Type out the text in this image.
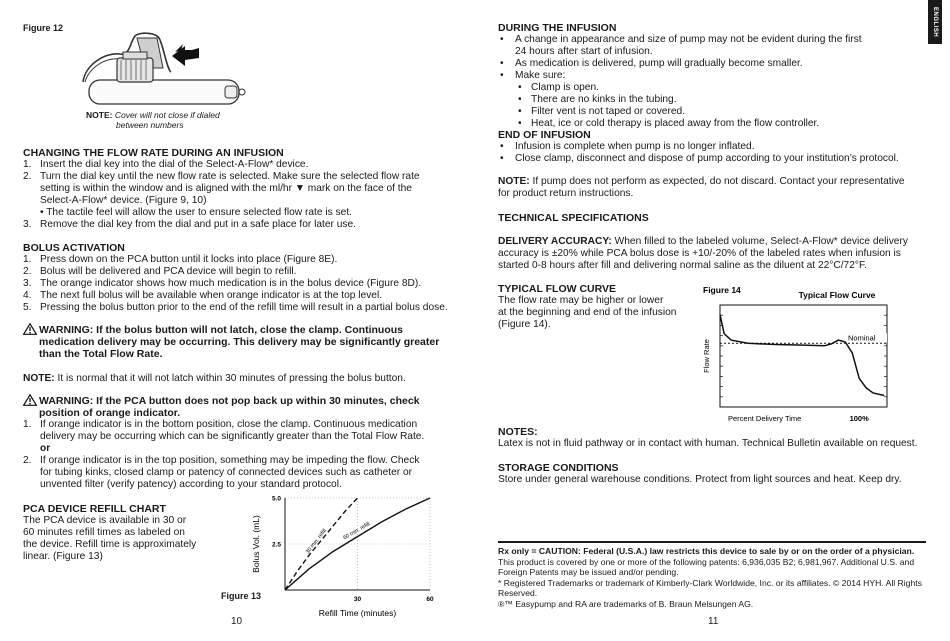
Figure 12
NOTE: Cover will not close if dialed
between numbers
CHANGING THE FLOW RATE DURING AN INFUSION
1. Insert the dial key into the dial of the Select-A-Flow* device.
2. Turn the dial key until the new flow rate is selected. Make sure the selected flow rate
setting is within the window and is aligned with the ml/hr ▼ mark on the face of the
Select-A-Flow* device. (Figure 9, 10)
• The tactile feel will allow the user to ensure selected flow rate is set.
3. Remove the dial key from the dial and put in a safe place for later use.
BOLUS ACTIVATION
1. Press down on the PCA button until it locks into place (Figure 8E).
2. Bolus will be delivered and PCA device will begin to refill.
3. The orange indicator shows how much medication is in the bolus device (Figure 8D).
4. The next full bolus will be available when orange indicator is at the top level.
5. Pressing the bolus button prior to the end of the refill time will result in a partial bolus dose.
WARNING: If the bolus button will not latch, close the clamp. Continuous
medication delivery may be occurring. This delivery may be significantly greater
than the Total Flow Rate.
NOTE: It is normal that it will not latch within 30 minutes of pressing the bolus button.
WARNING: If the PCA button does not pop back up within 30 minutes, check
position of orange indicator.
1. If orange indicator is in the bottom position, close the clamp. Continuous medication
delivery may be occurring which can be significantly greater than the Total Flow Rate.
or

2. If orange indicator is in the top position, something may be impeding the flow. Check
for tubing kinks, closed clamp or patency of connected devices such as catheter or
unvented filter (verify patency) according to your standard protocol.
PCA DEVICE REFILL CHART
The PCA device is available in 30 or
60 minutes refill times as labeled on
the device. Refill time is approximately
linear. (Figure 13)
Figure 13
5.0
2.5
30	60
Refill Time (minutes)
Bolus Vol. (mL)	30 min. refill	60 min. refill
10
ENGLISH
DURING THE INFUSION
• A change in appearance and size of pump may not be evident during the first
24 hours after start of infusion.
• As medication is delivered, pump will gradually become smaller.
• Make sure:
• Clamp is open.
• There are no kinks in the tubing.
• Filter vent is not taped or covered.
• Heat, ice or cold therapy is placed away from the flow controller.
END OF INFUSION
• Infusion is complete when pump is no longer inflated.
• Close clamp, disconnect and dispose of pump according to your institution’s protocol.
NOTE: If pump does not perform as expected, do not discard. Contact your representative
for product return instructions.
TECHNICAL SPECIFICATIONS
DELIVERY ACCURACY: When filled to the labeled volume, Select-A-Flow* device delivery
accuracy is ±20% while PCA bolus dose is +10/-20% of the labeled rates when infusion is
started 0-8 hours after fill and delivering normal saline as the diluent at 22°C/72°F.
TYPICAL FLOW CURVE
The flow rate may be higher or lower
at the beginning and end of the infusion
(Figure 14).
Figure 14	Typical Flow Curve
Nominal
Percent Delivery Time	100%
Flow Rate
NOTES:
Latex is not in fluid pathway or in contact with human. Technical Bulletin available on request.
STORAGE CONDITIONS
Store under general warehouse conditions. Protect from light sources and heat. Keep dry.
11
Rx only = CAUTION: Federal (U.S.A.) law restricts this device to sale by or on the order of a physician.
This product is covered by one or more of the following patents: 6,936,035 B2; 6,981,967. Additional U.S. and
Foreign Patents may be issued and/or pending.
* Registered Trademarks or trademark of Kimberly-Clark Worldwide, Inc. or its affiliates. © 2014 HYH. All Rights
Reserved.
®™ Easypump and RA are trademarks of B. Braun Melsungen AG.
